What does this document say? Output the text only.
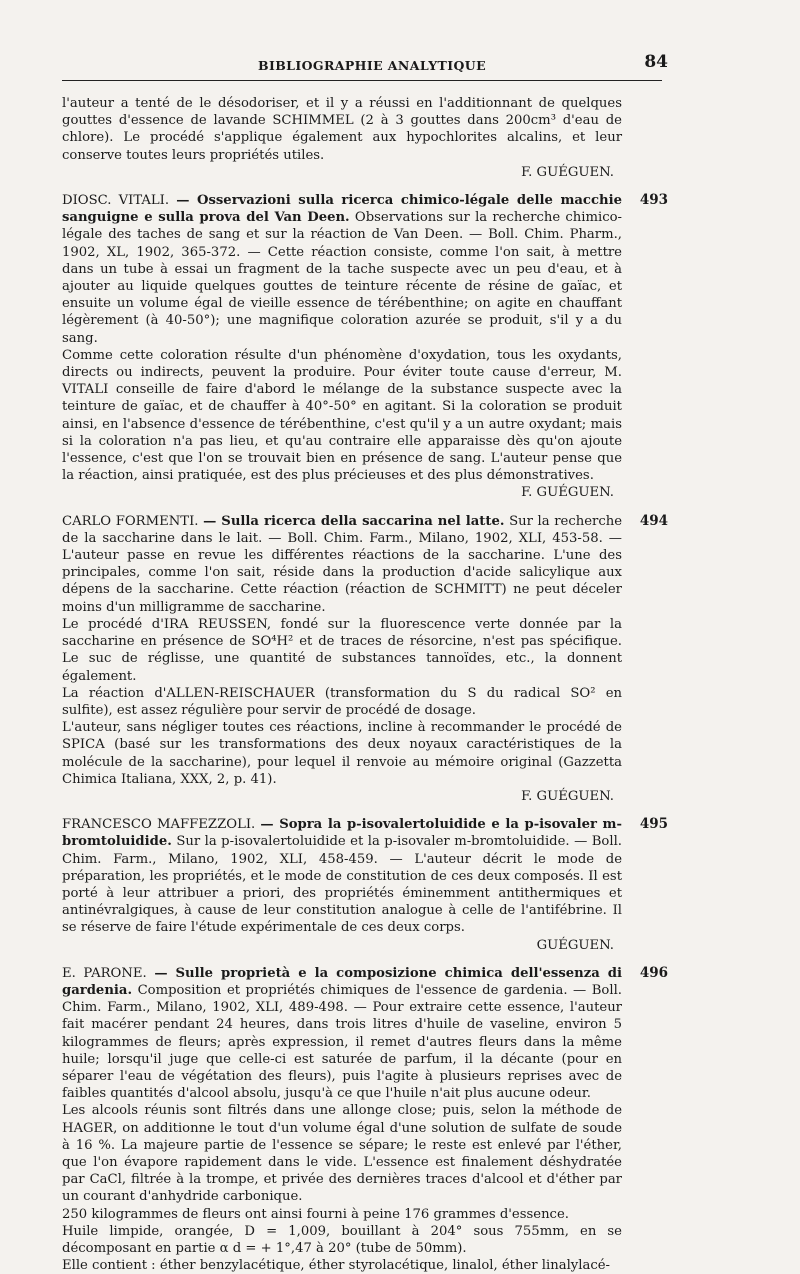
BIBLIOGRAPHIE ANALYTIQUE	84

l'auteur a tenté de le désodoriser, et il y a réussi en l'additionnant de quelques gouttes d'essence de lavande SCHIMMEL (2 à 3 gouttes dans 200cm³ d'eau de chlore). Le procédé s'applique également aux hypochlorites alcalins, et leur conserve toutes leurs propriétés utiles.

F. GUÉGUEN.

493

DIOSC. VITALI. — Osservazioni sulla ricerca chimico-légale delle macchie sanguigne e sulla prova del Van Deen. Observations sur la recherche chimico-légale des taches de sang et sur la réaction de Van Deen. — Boll. Chim. Pharm., 1902, XL, 1902, 365-372. — Cette réaction consiste, comme l'on sait, à mettre dans un tube à essai un fragment de la tache suspecte avec un peu d'eau, et à ajouter au liquide quelques gouttes de teinture récente de résine de gaïac, et ensuite un volume égal de vieille essence de térébenthine; on agite en chauffant légèrement (à 40-50°); une magnifique coloration azurée se produit, s'il y a du sang.

Comme cette coloration résulte d'un phénomène d'oxydation, tous les oxydants, directs ou indirects, peuvent la produire. Pour éviter toute cause d'erreur, M. VITALI conseille de faire d'abord le mélange de la substance suspecte avec la teinture de gaïac, et de chauffer à 40°-50° en agitant. Si la coloration se produit ainsi, en l'absence d'essence de térébenthine, c'est qu'il y a un autre oxydant; mais si la coloration n'a pas lieu, et qu'au contraire elle apparaisse dès qu'on ajoute l'essence, c'est que l'on se trouvait bien en présence de sang. L'auteur pense que la réaction, ainsi pratiquée, est des plus précieuses et des plus démonstratives.

F. GUÉGUEN.

494

CARLO FORMENTI. — Sulla ricerca della saccarina nel latte. Sur la recherche de la saccharine dans le lait. — Boll. Chim. Farm., Milano, 1902, XLI, 453-58. — L'auteur passe en revue les différentes réactions de la saccharine. L'une des principales, comme l'on sait, réside dans la production d'acide salicylique aux dépens de la saccharine. Cette réaction (réaction de SCHMITT) ne peut déceler moins d'un milligramme de saccharine.

Le procédé d'IRA REUSSEN, fondé sur la fluorescence verte donnée par la saccharine en présence de SO⁴H² et de traces de résorcine, n'est pas spécifique. Le suc de réglisse, une quantité de substances tannoïdes, etc., la donnent également.

La réaction d'ALLEN-REISCHAUER (transformation du S du radical SO² en sulfite), est assez régulière pour servir de procédé de dosage.

L'auteur, sans négliger toutes ces réactions, incline à recommander le procédé de SPICA (basé sur les transformations des deux noyaux caractéristiques de la molécule de la saccharine), pour lequel il renvoie au mémoire original (Gazzetta Chimica Italiana, XXX, 2, p. 41).

F. GUÉGUEN.

495

FRANCESCO MAFFEZZOLI. — Sopra la p-isovalertoluidide e la p-isovaler m-bromtoluidide. Sur la p-isovalertoluidide et la p-isovaler m-bromtoluidide. — Boll. Chim. Farm., Milano, 1902, XLI, 458-459. — L'auteur décrit le mode de préparation, les propriétés, et le mode de constitution de ces deux composés. Il est porté à leur attribuer a priori, des propriétés éminemment antithermiques et antinévralgiques, à cause de leur constitution analogue à celle de l'antifébrine. Il se réserve de faire l'étude expérimentale de ces deux corps.

GUÉGUEN.

496

E. PARONE. — Sulle proprietà e la composizione chimica dell'essenza di gardenia. Composition et propriétés chimiques de l'essence de gardenia. — Boll. Chim. Farm., Milano, 1902, XLI, 489-498. — Pour extraire cette essence, l'auteur fait macérer pendant 24 heures, dans trois litres d'huile de vaseline, environ 5 kilogrammes de fleurs; après expression, il remet d'autres fleurs dans la même huile; lorsqu'il juge que celle-ci est saturée de parfum, il la décante (pour en séparer l'eau de végétation des fleurs), puis l'agite à plusieurs reprises avec de faibles quantités d'alcool absolu, jusqu'à ce que l'huile n'ait plus aucune odeur.

Les alcools réunis sont filtrés dans une allonge close; puis, selon la méthode de HAGER, on additionne le tout d'un volume égal d'une solution de sulfate de soude à 16 %. La majeure partie de l'essence se sépare; le reste est enlevé par l'éther, que l'on évapore rapidement dans le vide. L'essence est finalement déshydratée par CaCl, filtrée à la trompe, et privée des dernières traces d'alcool et d'éther par un courant d'anhydride carbonique.

250 kilogrammes de fleurs ont ainsi fourni à peine 176 grammes d'essence.

Huile limpide, orangée, D = 1,009, bouillant à 204° sous 755mm, en se décomposant en partie α d = + 1°,47 à 20° (tube de 50mm).

Elle contient : éther benzylacétique, éther styrolacétique, linalol, éther linalylacé-
